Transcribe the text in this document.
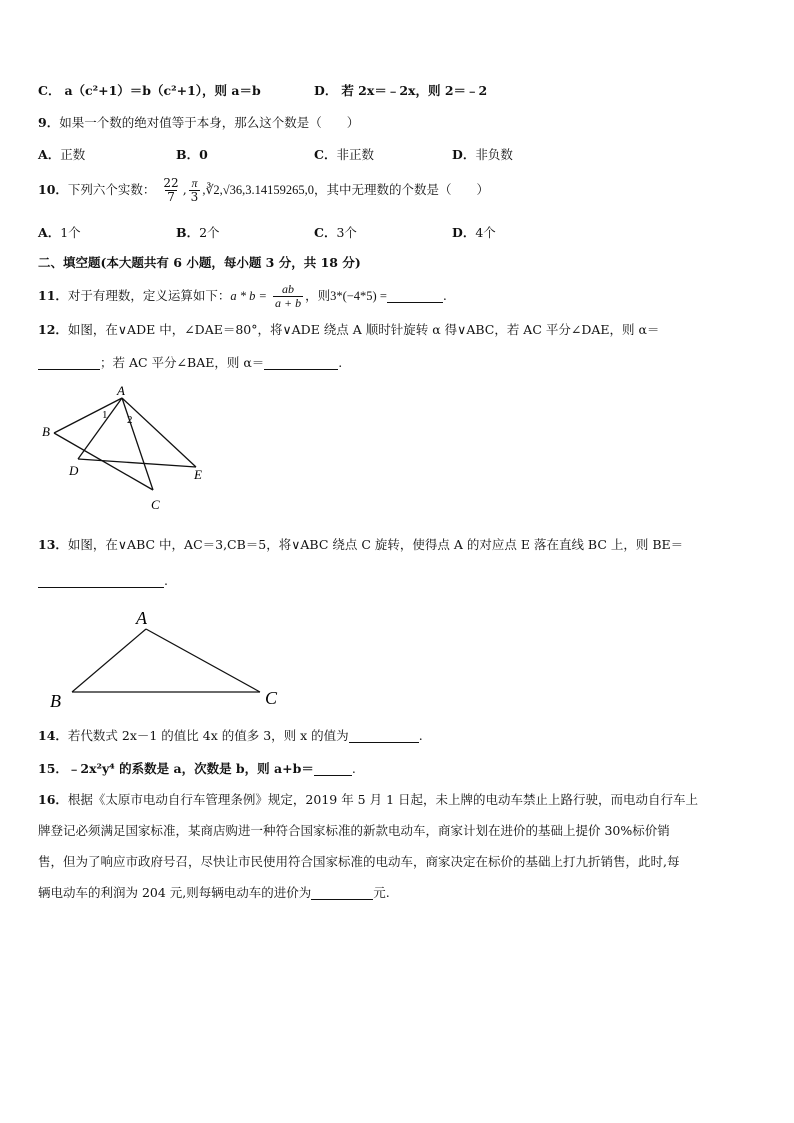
C． a（c²+1）＝b（c²+1），则 a＝b	D． 若 2x＝﹣2x，则 2＝﹣2
9．如果一个数的绝对值等于本身，那么这个数是（　　）
A．正数	B．0	C．非正数	D．非负数
10．下列六个实数： $\frac{22}{7}$ , $\frac{\pi}{3}$ ,∛2,√36,3.14159265,0，其中无理数的个数是（　　）
A．1个	B．2个	C．3个	D．4个
二、填空题(本大题共有 6 小题，每小题 3 分，共 18 分)
11．对于有理数，定义运算如下：$a * b = \frac{ab}{a + b}$ ，则3*(−4*5) =	.
12．如图，在∨ADE 中，∠DAE＝80°，将∨ADE 绕点 A 顺时针旋转 α 得∨ABC，若 AC 平分∠DAE，则 α＝
；若 AC 平分∠BAE，则 α＝	.
A
B
D
C
E
1 2
13．如图，在∨ABC 中，AC＝3,CB＝5，将∨ABC 绕点 C 旋转，使得点 A 的对应点 E 落在直线 BC 上，则 BE＝
.
A
B	C
14．若代数式 2x－1 的值比 4x 的值多 3，则 x 的值为	.
15．﹣2x²y⁴ 的系数是 a，次数是 b，则 a+b＝	.
16．根据《太原市电动自行车管理条例》规定，2019 年 5 月 1 日起，未上牌的电动车禁止上路行驶，而电动自行车上
牌登记必须满足国家标准，某商店购进一种符合国家标准的新款电动车，商家计划在进价的基础上提价 30%标价销
售，但为了响应市政府号召，尽快让市民使用符合国家标准的电动车，商家决定在标价的基础上打九折销售，此时,每
辆电动车的利润为 204 元,则每辆电动车的进价为	元.
